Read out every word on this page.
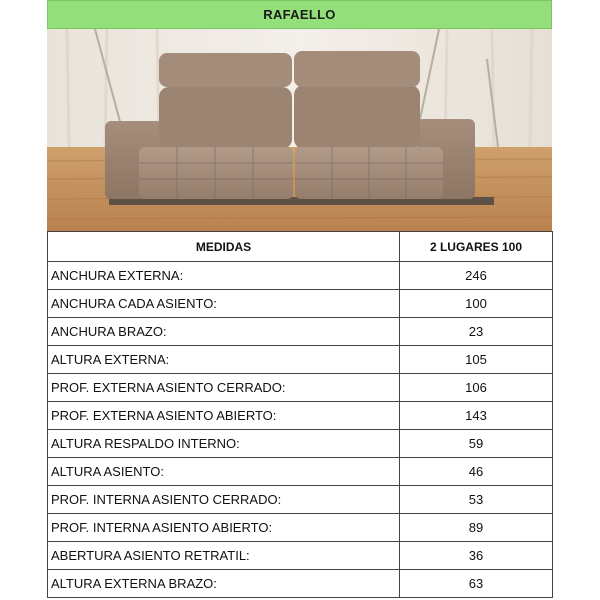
RAFAELLO
MEDIDAS	2 LUGARES 100
ANCHURA EXTERNA:	246
ANCHURA CADA ASIENTO:	100
ANCHURA BRAZO:	23
ALTURA EXTERNA:	105
PROF. EXTERNA ASIENTO CERRADO:	106
PROF. EXTERNA ASIENTO ABIERTO:	143
ALTURA RESPALDO INTERNO:	59
ALTURA ASIENTO:	46
PROF. INTERNA ASIENTO CERRADO:	53
PROF. INTERNA ASIENTO ABIERTO:	89
ABERTURA ASIENTO RETRATIL:	36
ALTURA EXTERNA BRAZO:	63
